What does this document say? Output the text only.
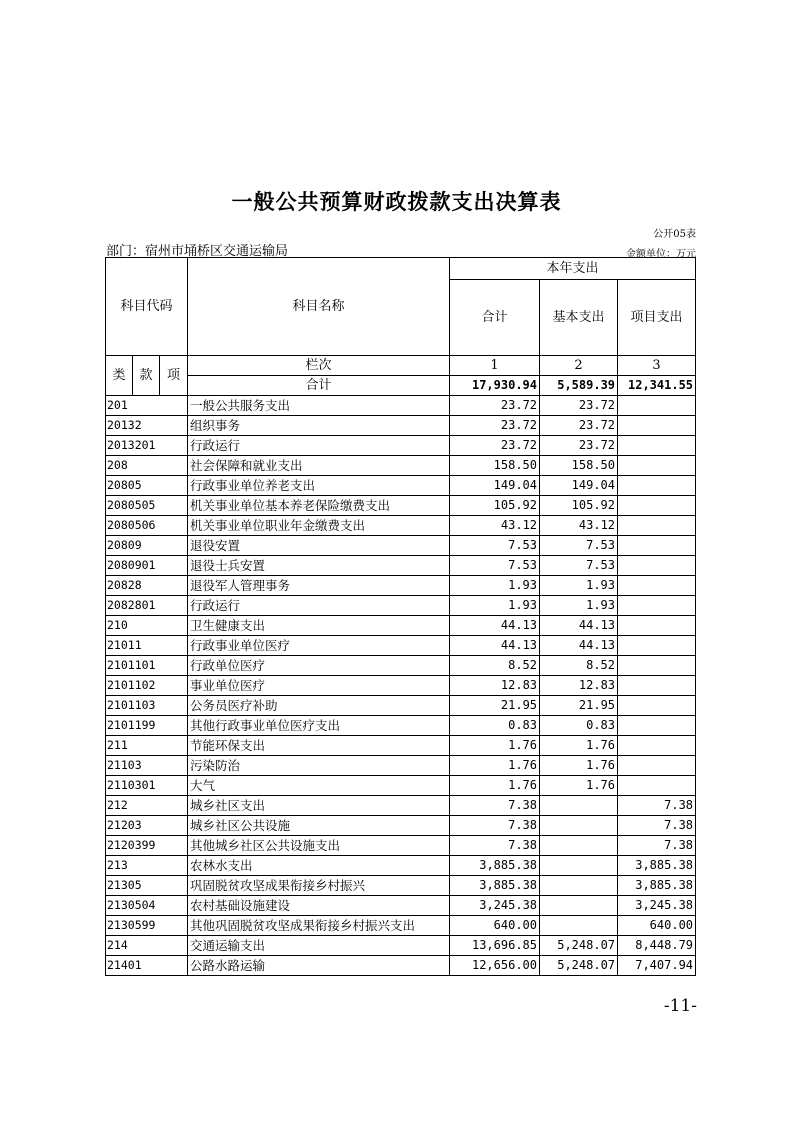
一般公共预算财政拨款支出决算表
公开05表
部门：宿州市埇桥区交通运输局	金额单位：万元
科目代码			科目名称	本年支出		
				合计	基本支出	项目支出

类	款	项	栏次	1	2	3
			合计	17,930.94	5,589.39	12,341.55
201			一般公共服务支出	23.72	23.72	
20132			组织事务	23.72	23.72	
2013201			行政运行	23.72	23.72	
208			社会保障和就业支出	158.50	158.50	
20805			行政事业单位养老支出	149.04	149.04	
2080505			机关事业单位基本养老保险缴费支出	105.92	105.92	
2080506			机关事业单位职业年金缴费支出	43.12	43.12	
20809			退役安置	7.53	7.53	
2080901			退役士兵安置	7.53	7.53	
20828			退役军人管理事务	1.93	1.93	
2082801			行政运行	1.93	1.93	
210			卫生健康支出	44.13	44.13	
21011			行政事业单位医疗	44.13	44.13	
2101101			行政单位医疗	8.52	8.52	
2101102			事业单位医疗	12.83	12.83	
2101103			公务员医疗补助	21.95	21.95	
2101199			其他行政事业单位医疗支出	0.83	0.83	
211			节能环保支出	1.76	1.76	
21103			污染防治	1.76	1.76	
2110301			大气	1.76	1.76	
212			城乡社区支出	7.38		7.38
21203			城乡社区公共设施	7.38		7.38
2120399			其他城乡社区公共设施支出	7.38		7.38
213			农林水支出	3,885.38		3,885.38
21305			巩固脱贫攻坚成果衔接乡村振兴	3,885.38		3,885.38
2130504			农村基础设施建设	3,245.38		3,245.38
2130599			其他巩固脱贫攻坚成果衔接乡村振兴支出	640.00		640.00
214			交通运输支出	13,696.85	5,248.07	8,448.79
21401			公路水路运输	12,656.00	5,248.07	7,407.94
-11-
